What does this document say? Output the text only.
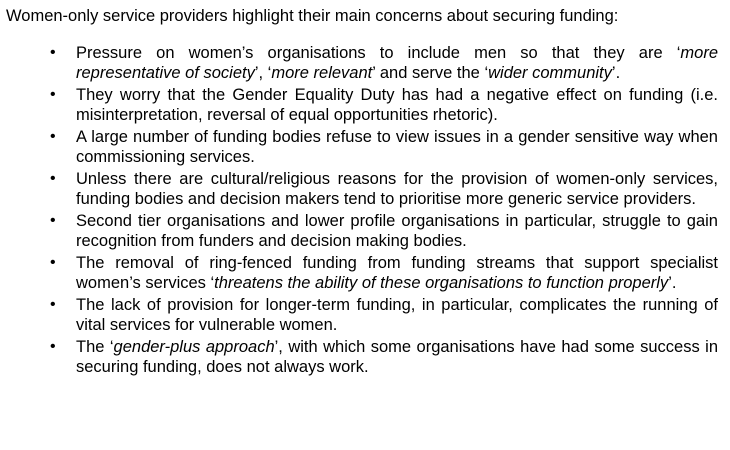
Women-only service providers highlight their main concerns about securing funding:

• Pressure on women’s organisations to include men so that they are ‘more representative of society’, ‘more relevant’ and serve the ‘wider community’.
• They worry that the Gender Equality Duty has had a negative effect on funding (i.e. misinterpretation, reversal of equal opportunities rhetoric).
• A large number of funding bodies refuse to view issues in a gender sensitive way when commissioning services.
• Unless there are cultural/religious reasons for the provision of women-only services, funding bodies and decision makers tend to prioritise more generic service providers.
• Second tier organisations and lower profile organisations in particular, struggle to gain recognition from funders and decision making bodies.
• The removal of ring-fenced funding from funding streams that support specialist women’s services ‘threatens the ability of these organisations to function properly’.
• The lack of provision for longer-term funding, in particular, complicates the running of vital services for vulnerable women.
• The ‘gender-plus approach’, with which some organisations have had some success in securing funding, does not always work.
